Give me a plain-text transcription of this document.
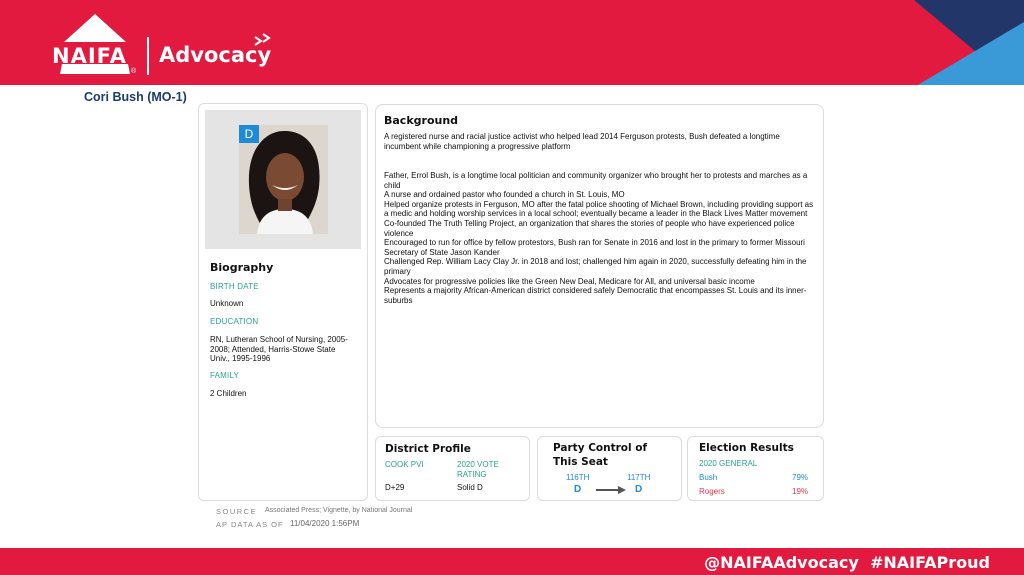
NAIFA
®
Advocacy
Cori Bush (MO-1)
D
Biography
BIRTH DATE
Unknown
EDUCATION
RN, Lutheran School of Nursing, 2005-2008; Attended, Harris-Stowe State Univ., 1995-1996
FAMILY
2 Children
Background
A registered nurse and racial justice activist who helped lead 2014 Ferguson protests, Bush defeated a longtime incumbent while championing a progressive platform
Father, Errol Bush, is a longtime local politician and community organizer who brought her to protests and marches as a child
A nurse and ordained pastor who founded a church in St. Louis, MO
Helped organize protests in Ferguson, MO after the fatal police shooting of Michael Brown, including providing support as a medic and holding worship services in a local school; eventually became a leader in the Black Lives Matter movement
Co-founded The Truth Telling Project, an organization that shares the stories of people who have experienced police violence
Encouraged to run for office by fellow protestors, Bush ran for Senate in 2016 and lost in the primary to former Missouri Secretary of State Jason Kander
Challenged Rep. William Lacy Clay Jr. in 2018 and lost; challenged him again in 2020, successfully defeating him in the primary
Advocates for progressive policies like the Green New Deal, Medicare for All, and universal basic income
Represents a majority African-American district considered safely Democratic that encompasses St. Louis and its inner-suburbs
District Profile
COOK PVI	2020 VOTE RATING
D+29	Solid D
Party Control of This Seat
116TH	117TH
D	D
Election Results
2020 GENERAL
Bush	79%
Rogers	19%
SOURCE Associated Press; Vignette, by National Journal
AP DATA AS OF 11/04/2020 1:56PM
@NAIFAAdvocacy  #NAIFAProud
